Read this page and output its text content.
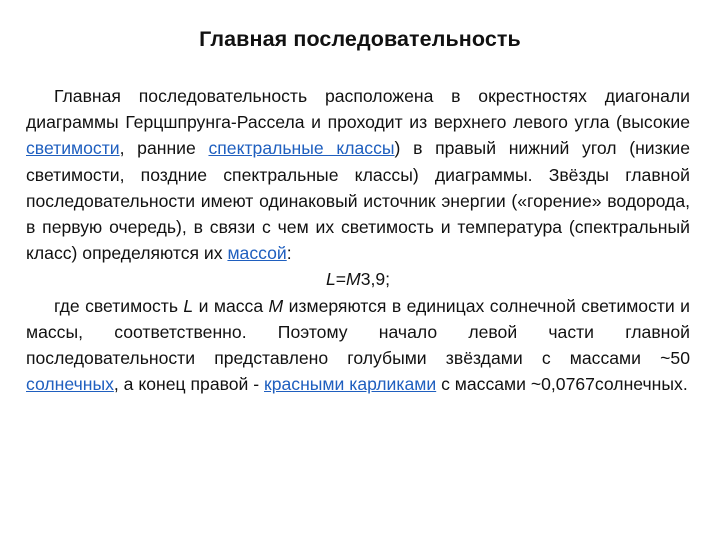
Главная последовательность
Главная последовательность расположена в окрестностях диагонали диаграммы Герцшпрунга-Рассела и проходит из верхнего левого угла (высокие светимости, ранние спектральные классы) в правый нижний угол (низкие светимости, поздние спектральные классы) диаграммы. Звёзды главной последовательности имеют одинаковый источник энергии («горение» водорода, в первую очередь), в связи с чем их светимость и температура (спектральный класс) определяются их массой:
L=M3,9;
где светимость L и масса M измеряются в единицах солнечной светимости и массы, соответственно. Поэтому начало левой части главной последовательности представлено голубыми звёздами с массами ~50 солнечных, а конец правой - красными карликами с массами ~0,0767солнечных.
